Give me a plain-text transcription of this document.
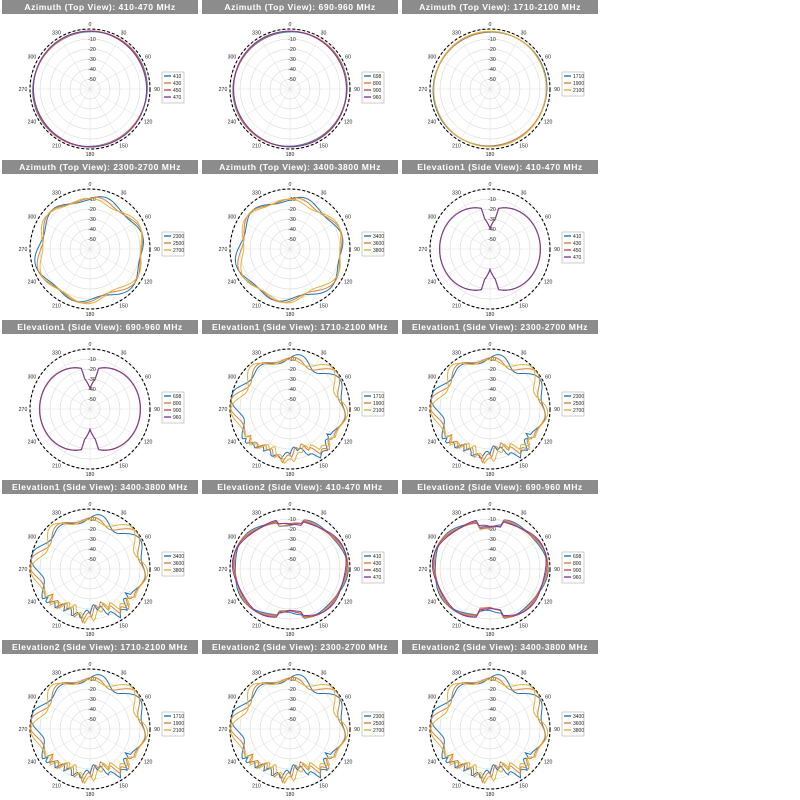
Azimuth (Top View): 410-470 MHz
0
330
300
270
240
210
180
150
120
90
60
30
-10
-20
-30
-40
-50	410
430
450
470
Azimuth (Top View): 690-960 MHz
0
330
300
270
240
210
180
150
120
90
60
30
-10
-20
-30
-40
-50	698
800
900
960
Azimuth (Top View): 1710-2100 MHz
0
330
300
270
240
210
180
150
120
90
60
30
-10
-20
-30
-40
-50	1710
1900
2100
Azimuth (Top View): 2300-2700 MHz
0
330
300
270
240
210
180
150
120
90
60
30
-10
-20
-30
-40
-50	2300
2500
2700
Azimuth (Top View): 3400-3800 MHz
0
330
300
270
240
210
180
150
120
90
60
30
-10
-20
-30
-40
-50	3400
3600
3800
Elevation1 (Side View): 410-470 MHz
0
330
300
270
240
210
180
150
120
90
60
30
-10
-20
-30
-40
-50	410
430
450
470
Elevation1 (Side View): 690-960 MHz
0
330
300
270
240
210
180
150
120
90
60
30
-10
-20
-30
-40
-50	698
800
900
960
Elevation1 (Side View): 1710-2100 MHz
0
330
300
270
240
210
180
150
120
90
60
30
-10
-20
-30
-40
-50	1710
1900
2100
Elevation1 (Side View): 2300-2700 MHz
0
330
300
270
240
210
180
150
120
90
60
30
-10
-20
-30
-40
-50	2300
2500
2700
Elevation1 (Side View): 3400-3800 MHz
0
330
300
270
240
210
180
150
120
90
60
30
-10
-20
-30
-40
-50	3400
3600
3800
Elevation2 (Side View): 410-470 MHz
0
330
300
270
240
210
180
150
120
90
60
30
-10
-20
-30
-40
-50	410
430
450
470
Elevation2 (Side View): 690-960 MHz
0
330
300
270
240
210
180
150
120
90
60
30
-10
-20
-30
-40
-50	698
800
900
960
Elevation2 (Side View): 1710-2100 MHz
0
330
300
270
240
210
180
150
120
90
60
30
-10
-20
-30
-40
-50	1710
1900
2100
Elevation2 (Side View): 2300-2700 MHz
0
330
300
270
240
210
180
150
120
90
60
30
-10
-20
-30
-40
-50	2300
2500
2700
Elevation2 (Side View): 3400-3800 MHz
0
330
300
270
240
210
180
150
120
90
60
30
-10
-20
-30
-40
-50	3400
3600
3800
